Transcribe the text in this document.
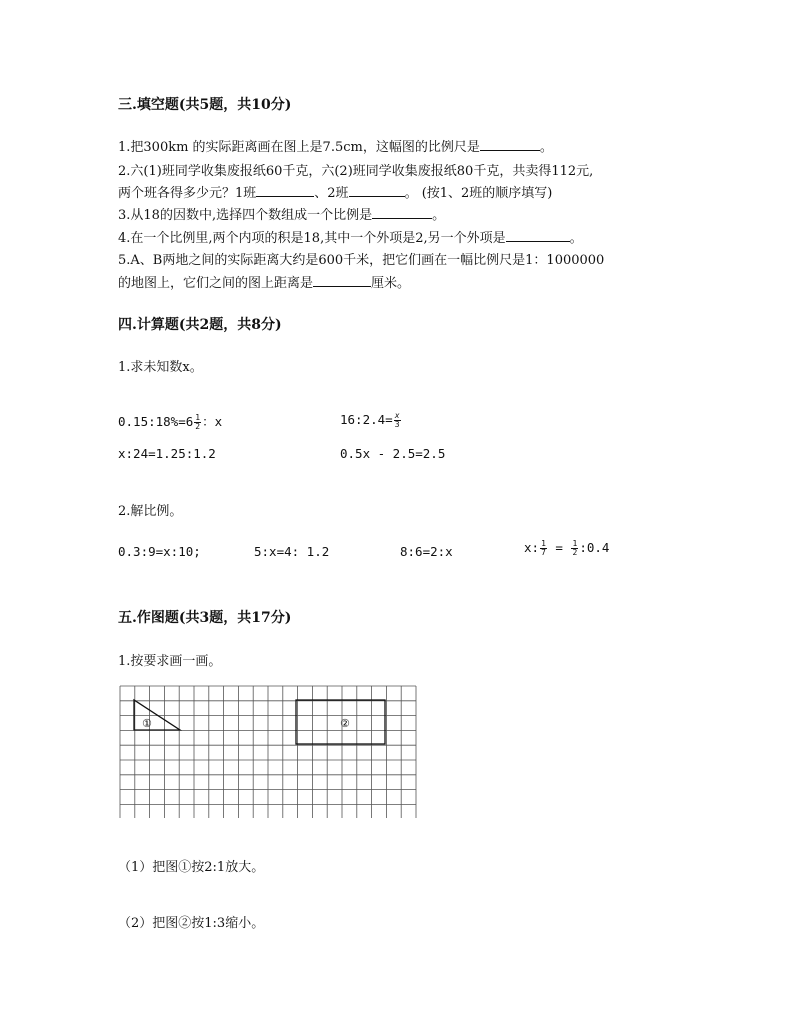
三.填空题(共5题，共10分)
1.把300km 的实际距离画在图上是7.5cm，这幅图的比例尺是	。
2.六(1)班同学收集废报纸60千克，六(2)班同学收集废报纸80千克，共卖得112元,
两个班各得多少元？1班	、2班	。 (按1、2班的顺序填写)
3.从18的因数中,选择四个数组成一个比例是	。
4.在一个比例里,两个内项的积是18,其中一个外项是2,另一个外项是	。
5.A、B两地之间的实际距离大约是600千米，把它们画在一幅比例尺是1：1000000
的地图上，它们之间的图上距离是	厘米。
四.计算题(共2题，共8分)
1.求未知数x。
0.15:18%=6 $\frac{1}{2}$ ：x	16:2.4= $\frac{x}{3}$
x:24=1.25:1.2	0.5x - 2.5=2.5
2.解比例。
0.3:9=x:10;	5:x=4: 1.2	8:6=2:x	x: $\frac{1}{7} = \frac{1}{2}$ :0.4
五.作图题(共3题，共17分)
1.按要求画一画。
①	②
（1）把图①按2:1放大。
（2）把图②按1:3缩小。
